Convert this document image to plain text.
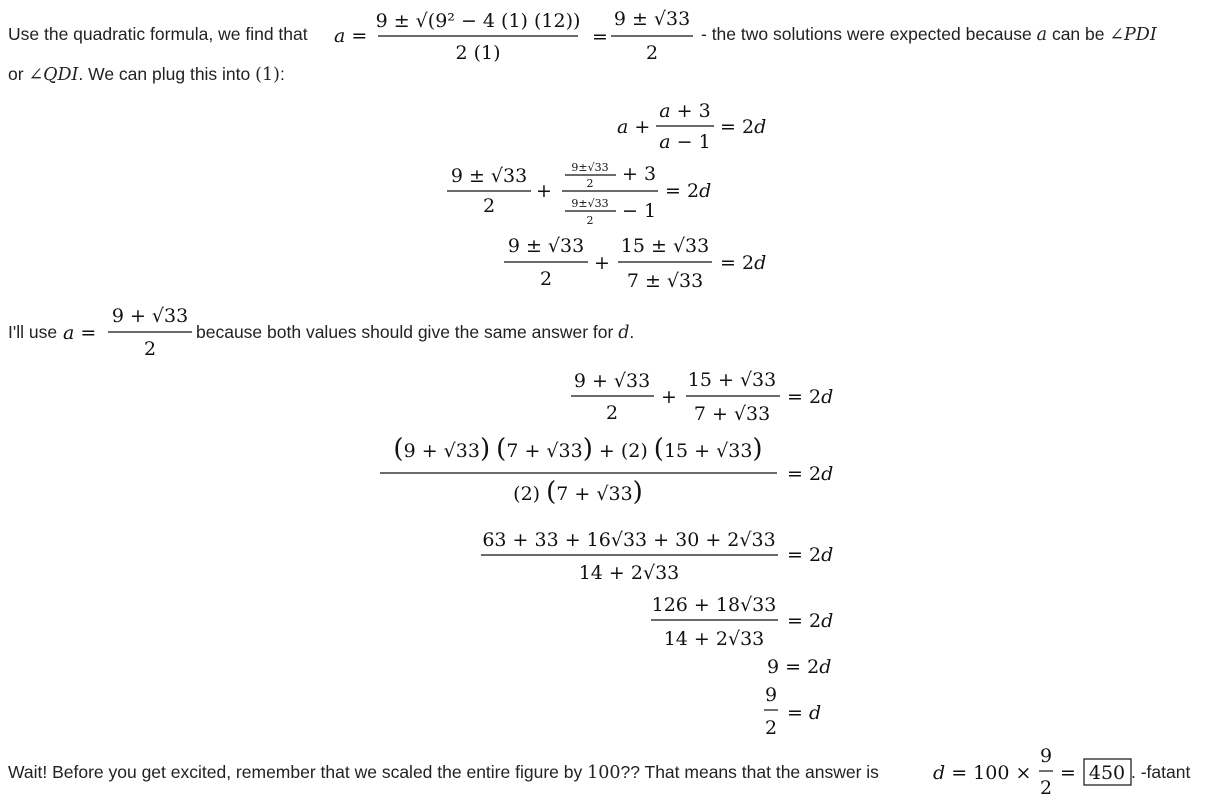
Use the quadratic formula, we find that a =
9 ± √(9² − 4 (1) (12))
2 (1)
=
9 ± √33
2
- the two solutions were expected because a can be ∠PDI
or ∠QDI. We can plug this into (1):
a +
a + 3
a − 1
= 2d
9 ± √33
2
+
9±√33
2 + 3
9±√33
2 − 1
= 2d
9 ± √33
2
+
15 ± √33
7 ± √33
= 2d
I'll use a =
9 + √33
2
because both values should give the same answer for d.
9 + √33
2
+
15 + √33
7 + √33
= 2d
(9 + √33) (7 + √33) + (2) (15 + √33)
(2) (7 + √33)
= 2d
63 + 33 + 16√33 + 30 + 2√33
14 + 2√33
= 2d
126 + 18√33
14 + 2√33
= 2d
9 = 2d
9
2
= d
Wait! Before you get excited, remember that we scaled the entire figure by 100?? That means that the answer is	d = 100 ×
9
2
= 450 . -fatant
